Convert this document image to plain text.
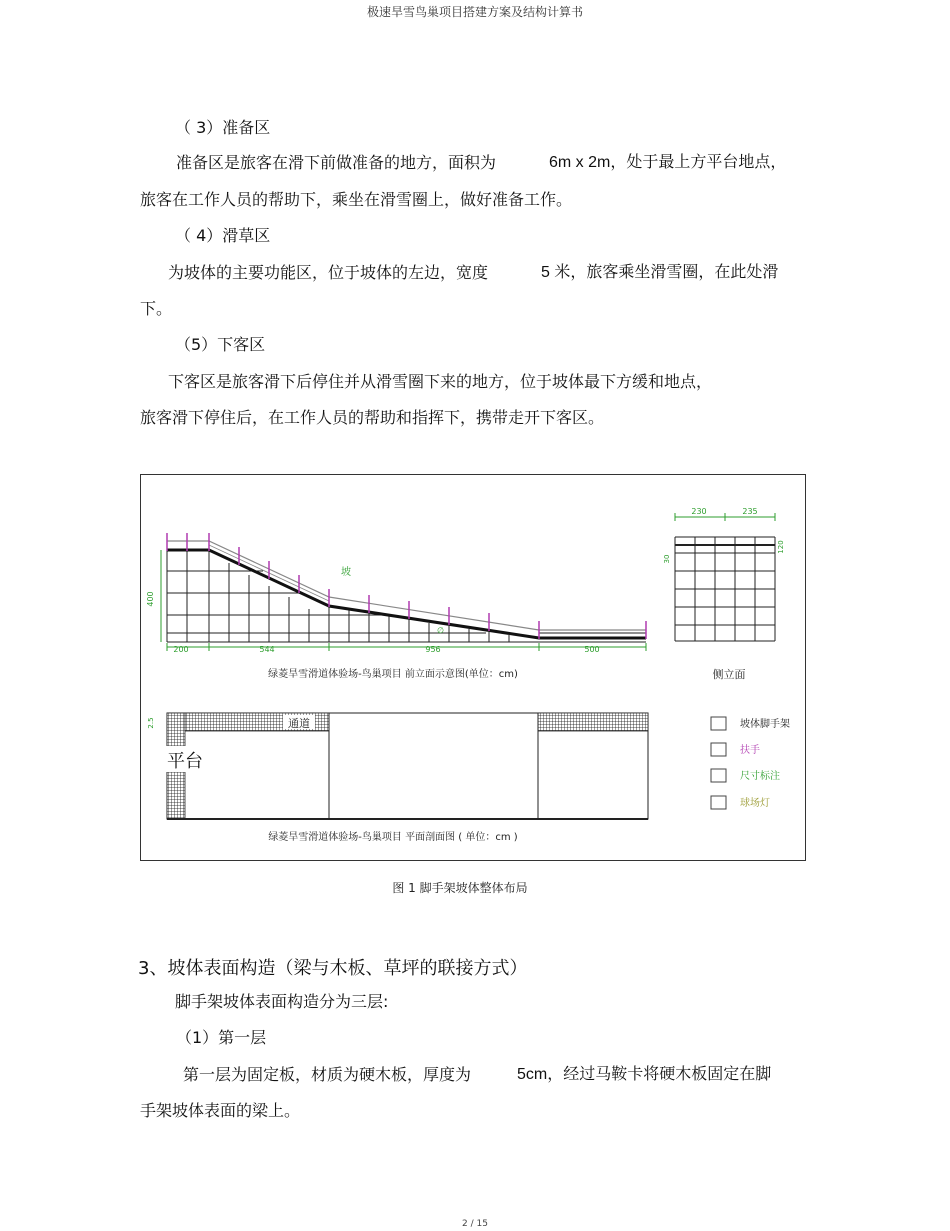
极速旱雪鸟巢项目搭建方案及结构计算书
（ 3）准备区
准备区是旅客在滑下前做准备的地方，面积为	6m x 2m，处于最上方平台地点，
旅客在工作人员的帮助下，乘坐在滑雪圈上，做好准备工作。
（ 4）滑草区
为坡体的主要功能区，位于坡体的左边，宽度	5 米，旅客乘坐滑雪圈，在此处滑
下。
（5）下客区
下客区是旅客滑下后停住并从滑雪圈下来的地方，位于坡体最下方缓和地点，
旅客滑下停住后，在工作人员的帮助和指挥下，携带走开下客区。
200	544	956	500
400
坡
∅
绿菱旱雪滑道体验场-鸟巢项目 前立面示意图(单位：cm)
230	235
30
120
侧立面
通道
平台
2.5
绿菱旱雪滑道体验场-鸟巢项目 平面剖面图 ( 单位：cm )
坡体脚手架
扶手
尺寸标注
球场灯
图 1 脚手架坡体整体布局
3、坡体表面构造（梁与木板、草坪的联接方式）
脚手架坡体表面构造分为三层:
（1）第一层
第一层为固定板，材质为硬木板，厚度为	5cm，经过马鞍卡将硬木板固定在脚
手架坡体表面的梁上。
2 / 15
